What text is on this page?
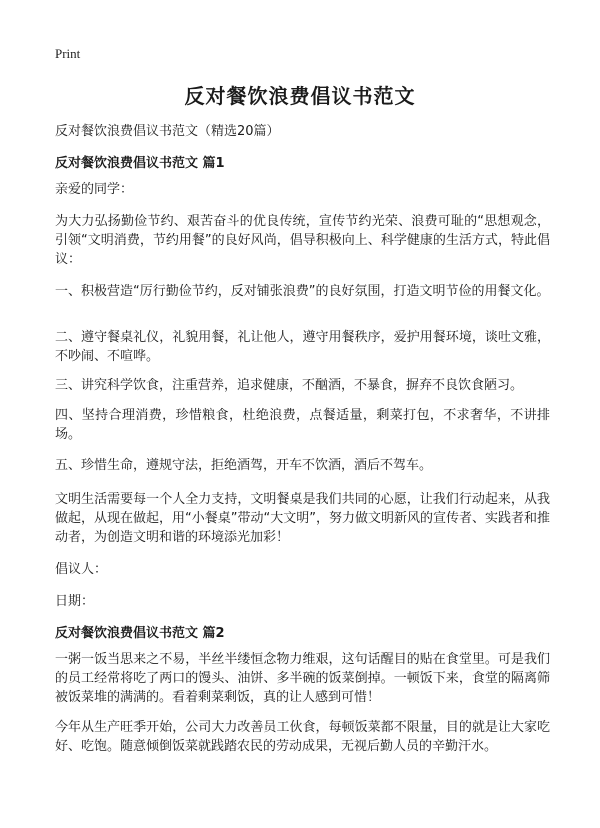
Print
反对餐饮浪费倡议书范文
反对餐饮浪费倡议书范文（精选20篇）
反对餐饮浪费倡议书范文 篇1
亲爱的同学：
为大力弘扬勤俭节约、艰苦奋斗的优良传统，宣传节约光荣、浪费可耻的“思想观念，引领“文明消费，节约用餐”的良好风尚，倡导积极向上、科学健康的生活方式，特此倡议：
一、积极营造“厉行勤俭节约，反对铺张浪费”的良好氛围，打造文明节俭的用餐文化。
二、遵守餐桌礼仪，礼貌用餐，礼让他人，遵守用餐秩序，爱护用餐环境，谈吐文雅，不吵闹、不喧哗。
三、讲究科学饮食，注重营养，追求健康，不酗酒，不暴食，摒弃不良饮食陋习。
四、坚持合理消费，珍惜粮食，杜绝浪费，点餐适量，剩菜打包，不求奢华，不讲排场。
五、珍惜生命，遵规守法，拒绝酒驾，开车不饮酒，酒后不驾车。
文明生活需要每一个人全力支持，文明餐桌是我们共同的心愿，让我们行动起来，从我做起，从现在做起，用“小餐桌”带动“大文明”，努力做文明新风的宣传者、实践者和推动者，为创造文明和谐的环境添光加彩！
倡议人：
日期：
反对餐饮浪费倡议书范文 篇2
一粥一饭当思来之不易，半丝半缕恒念物力维艰，这句话醒目的贴在食堂里。可是我们的员工经常将吃了两口的馒头、油饼、多半碗的饭菜倒掉。一顿饭下来，食堂的隔离筛被饭菜堆的满满的。看着剩菜剩饭，真的让人感到可惜！
今年从生产旺季开始，公司大力改善员工伙食，每顿饭菜都不限量，目的就是让大家吃好、吃饱。随意倾倒饭菜就践踏农民的劳动成果，无视后勤人员的辛勤汗水。
